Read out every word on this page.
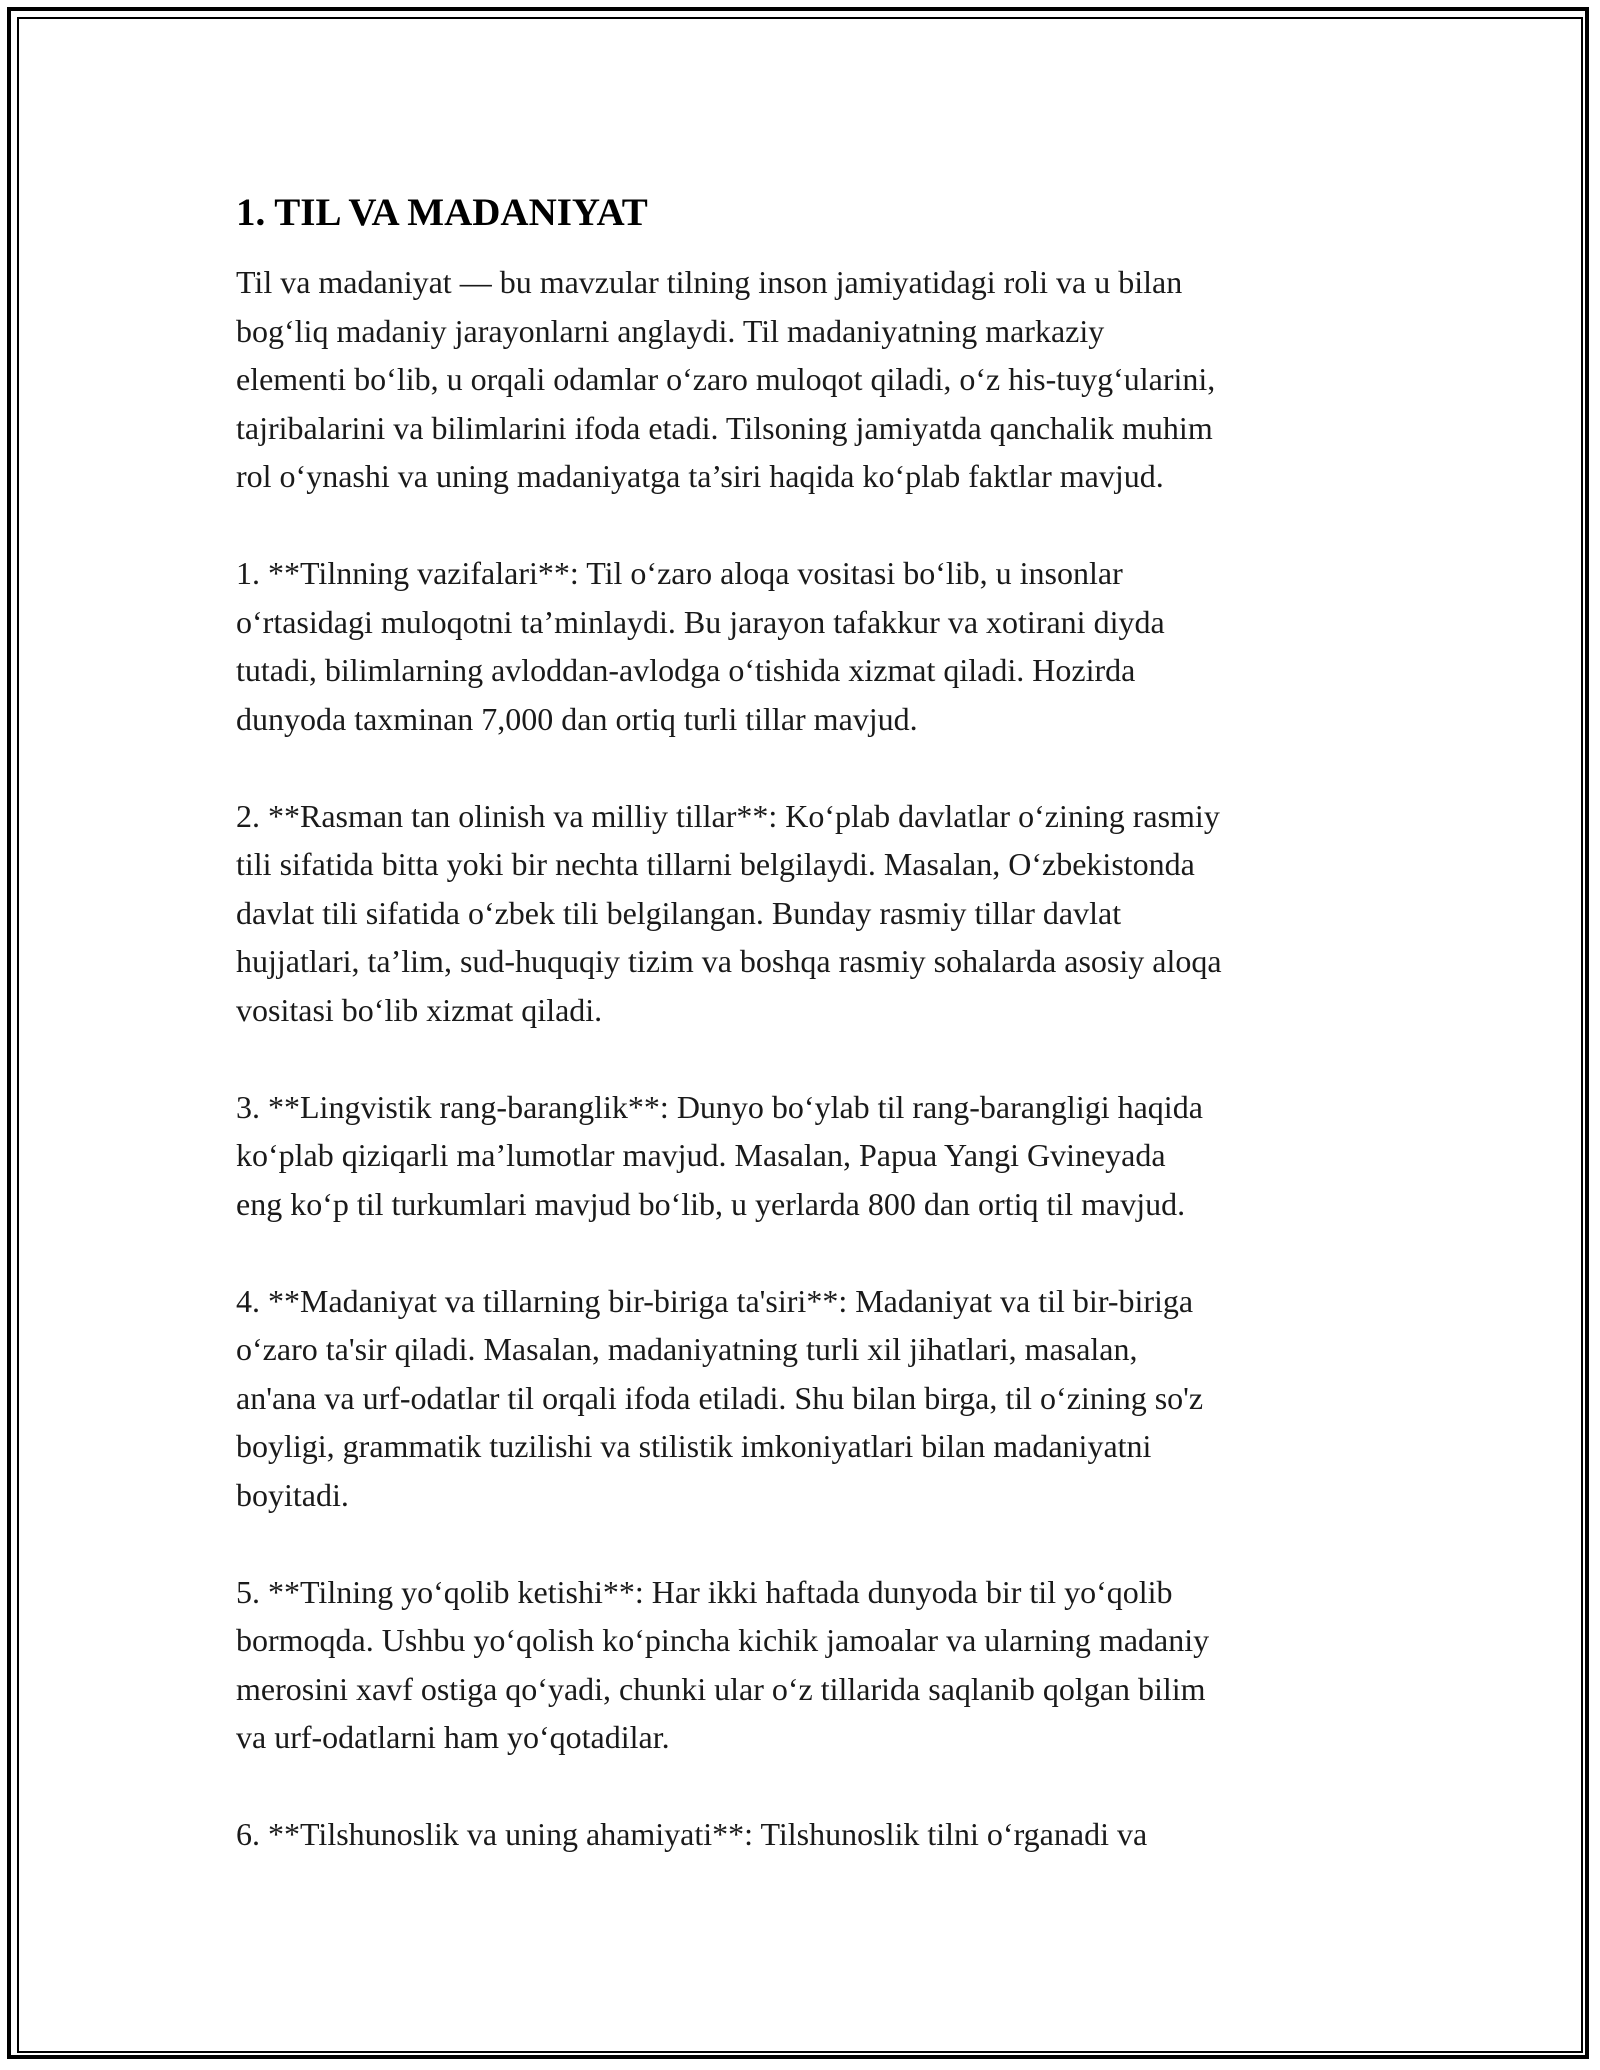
1. TIL VA MADANIYAT

Til va madaniyat — bu mavzular tilning inson jamiyatidagi roli va u bilan
bog‘liq madaniy jarayonlarni anglaydi. Til madaniyatning markaziy
elementi bo‘lib, u orqali odamlar o‘zaro muloqot qiladi, o‘z his-tuyg‘ularini,
tajribalarini va bilimlarini ifoda etadi. Tilsoning jamiyatda qanchalik muhim
rol o‘ynashi va uning madaniyatga ta’siri haqida ko‘plab faktlar mavjud.

1. **Tilnning vazifalari**: Til o‘zaro aloqa vositasi bo‘lib, u insonlar
o‘rtasidagi muloqotni ta’minlaydi. Bu jarayon tafakkur va xotirani diyda
tutadi, bilimlarning avloddan-avlodga o‘tishida xizmat qiladi. Hozirda
dunyoda taxminan 7,000 dan ortiq turli tillar mavjud.

2. **Rasman tan olinish va milliy tillar**: Ko‘plab davlatlar o‘zining rasmiy
tili sifatida bitta yoki bir nechta tillarni belgilaydi. Masalan, O‘zbekistonda
davlat tili sifatida o‘zbek tili belgilangan. Bunday rasmiy tillar davlat
hujjatlari, ta’lim, sud-huquqiy tizim va boshqa rasmiy sohalarda asosiy aloqa
vositasi bo‘lib xizmat qiladi.

3. **Lingvistik rang-baranglik**: Dunyo bo‘ylab til rang-barangligi haqida
ko‘plab qiziqarli ma’lumotlar mavjud. Masalan, Papua Yangi Gvineyada
eng ko‘p til turkumlari mavjud bo‘lib, u yerlarda 800 dan ortiq til mavjud.

4. **Madaniyat va tillarning bir-biriga ta'siri**: Madaniyat va til bir-biriga
o‘zaro ta'sir qiladi. Masalan, madaniyatning turli xil jihatlari, masalan,
an'ana va urf-odatlar til orqali ifoda etiladi. Shu bilan birga, til o‘zining so'z
boyligi, grammatik tuzilishi va stilistik imkoniyatlari bilan madaniyatni
boyitadi.

5. **Tilning yo‘qolib ketishi**: Har ikki haftada dunyoda bir til yo‘qolib
bormoqda. Ushbu yo‘qolish ko‘pincha kichik jamoalar va ularning madaniy
merosini xavf ostiga qo‘yadi, chunki ular o‘z tillarida saqlanib qolgan bilim
va urf-odatlarni ham yo‘qotadilar.

6. **Tilshunoslik va uning ahamiyati**: Tilshunoslik tilni o‘rganadi va
